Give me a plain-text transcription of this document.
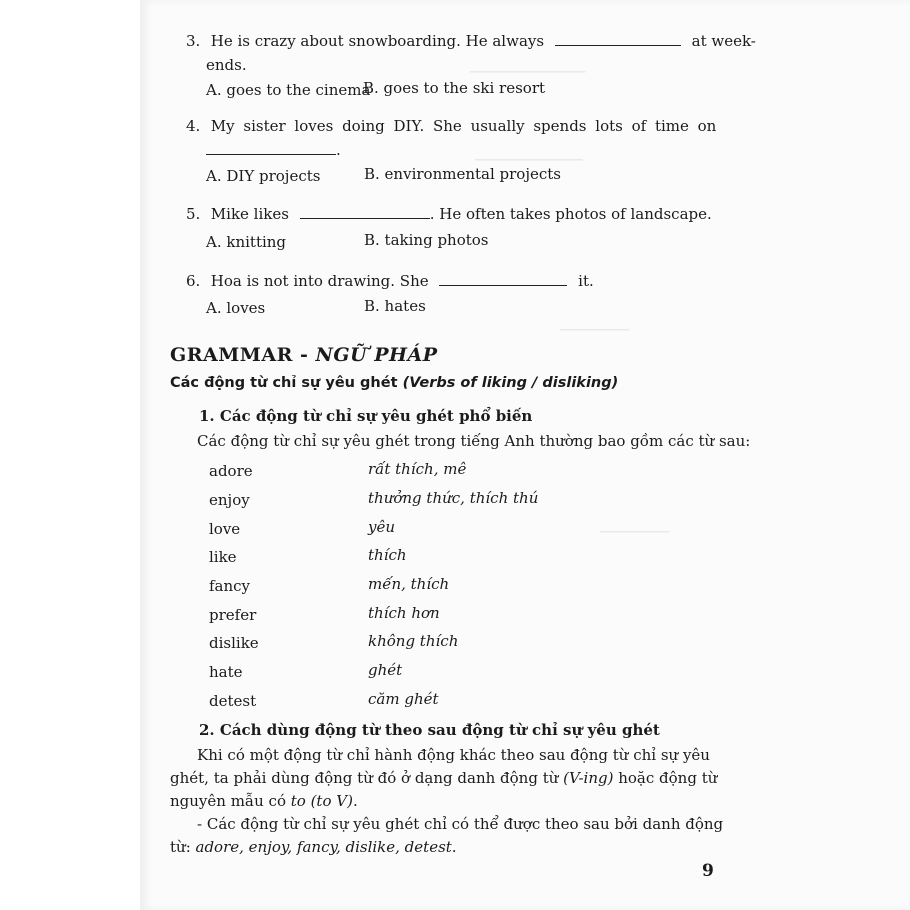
▁▁▁▁▁▁▁▁▁▁▁▁▁▁▁
▁▁▁▁▁▁▁▁▁▁▁▁▁▁
▁▁▁▁▁▁▁▁▁
▁▁▁▁▁▁▁▁▁
3. He is crazy about snowboarding. He always	at week-
ends.
A. goes to the cinema
B. goes to the ski resort
4. My sister loves doing DIY. She usually spends lots of time on
.
A. DIY projects	B. environmental projects
5. Mike likes	. He often takes photos of landscape.
A. knitting	B. taking photos
6. Hoa is not into drawing. She	it.
A. loves	B. hates
GRAMMAR - NGỮ PHÁP
Các động từ chỉ sự yêu ghét (Verbs of liking / disliking)
1. Các động từ chỉ sự yêu ghét phổ biến
Các động từ chỉ sự yêu ghét trong tiếng Anh thường bao gồm các từ sau:
adore	rất thích, mê
enjoy	thưởng thức, thích thú
love	yêu
like	thích
fancy	mến, thích
prefer	thích hơn
dislike	không thích
hate	ghét
detest	căm ghét
2. Cách dùng động từ theo sau động từ chỉ sự yêu ghét
Khi có một động từ chỉ hành động khác theo sau động từ chỉ sự yêu ghét, ta phải dùng động từ đó ở dạng danh động từ (V-ing) hoặc động từ nguyên mẫu có to (to V).
- Các động từ chỉ sự yêu ghét chỉ có thể được theo sau bởi danh động từ: adore, enjoy, fancy, dislike, detest.
9
